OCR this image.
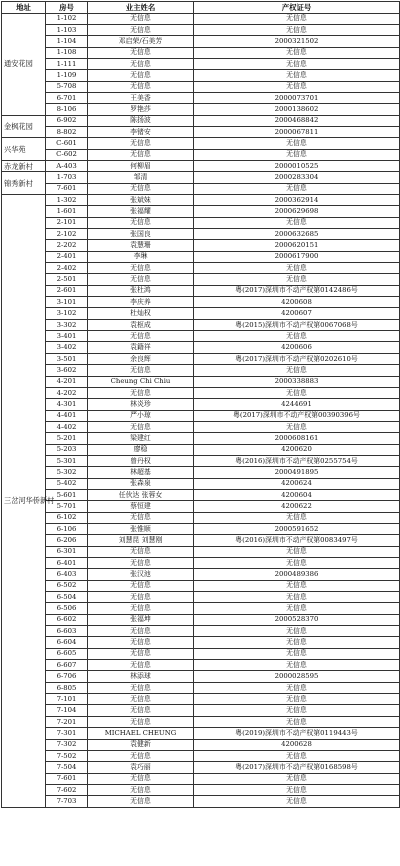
地址	房号	业主姓名	产权证号
通安花园	1-102	无信息	无信息
	1-103	无信息	无信息
	1-104	邓启荣/石美芳	2000321502
	1-108	无信息	无信息
	1-111	无信息	无信息
	1-109	无信息	无信息
	5-708	无信息	无信息
	6-701	王美香	2000073701
	8-106	罗艳莎	2000138602
金枫花园	6-902	陈扬波	2000468842
	8-802	李锗安	2000067811
兴华苑	C-601	无信息	无信息
	C-602	无信息	无信息
赤龙新村	A-403	何柳眉	2000010525
锦秀新村	1-703	邹清	2000283304
	7-601	无信息	无信息
三岔河华侨新村	1-302	张斌妹	2000362914
	1-601	张福耀	2000629698
	2-101	无信息	无信息
	2-102	张国良	2000632685
	2-202	袁慧珊	2000620151
	2-401	李琳	2000617900
	2-402	无信息	无信息
	2-501	无信息	无信息
	2-601	张杜鸿	粤(2017)深圳市不动产权第0142486号
	3-101	李庆养	4200608
	3-102	杜灿权	4200607
	3-302	袁枢成	粤(2015)深圳市不动产权第0067068号
	3-401	无信息	无信息
	3-402	袁籍祥	4200606
	3-501	余良辉	粤(2017)深圳市不动产权第0202610号
	3-602	无信息	无信息
	4-201	Cheung Chi Chiu	2000338883
	4-202	无信息	无信息
	4-301	林炎珍	4244691
	4-401	严小琼	粤(2017)深圳市不动产权第00390396号
	4-402	无信息	无信息
	5-201	梁建红	2000608161
	5-203	廖稳	4200620
	5-301	曾丹权	粤(2016)深圳市不动产权第0255754号
	5-302	林超基	2000491895
	5-402	张森泉	4200624
	5-601	任伙达 张蓉女	4200604
	5-701	蔡恒建	4200622
	6-102	无信息	无信息
	6-106	张惟顺	2000591652
	6-206	刘慧昆 刘慧刚	粤(2016)深圳市不动产权第0083497号
	6-301	无信息	无信息
	6-401	无信息	无信息
	6-403	张汉池	2000489386
	6-502	无信息	无信息
	6-504	无信息	无信息
	6-506	无信息	无信息
	6-602	张福坤	2000528370
	6-603	无信息	无信息
	6-604	无信息	无信息
	6-605	无信息	无信息
	6-607	无信息	无信息
	6-706	林添球	2000028595
	6-805	无信息	无信息
	7-101	无信息	无信息
	7-104	无信息	无信息
	7-201	无信息	无信息
	7-301	MICHAEL CHEUNG	粤(2019)深圳市不动产权第0119443号
	7-302	袁健新	4200628
	7-502	无信息	无信息
	7-504	袁巧丽	粤(2017)深圳市不动产权第0168598号
	7-601	无信息	无信息
	7-602	无信息	无信息
	7-703	无信息	无信息
